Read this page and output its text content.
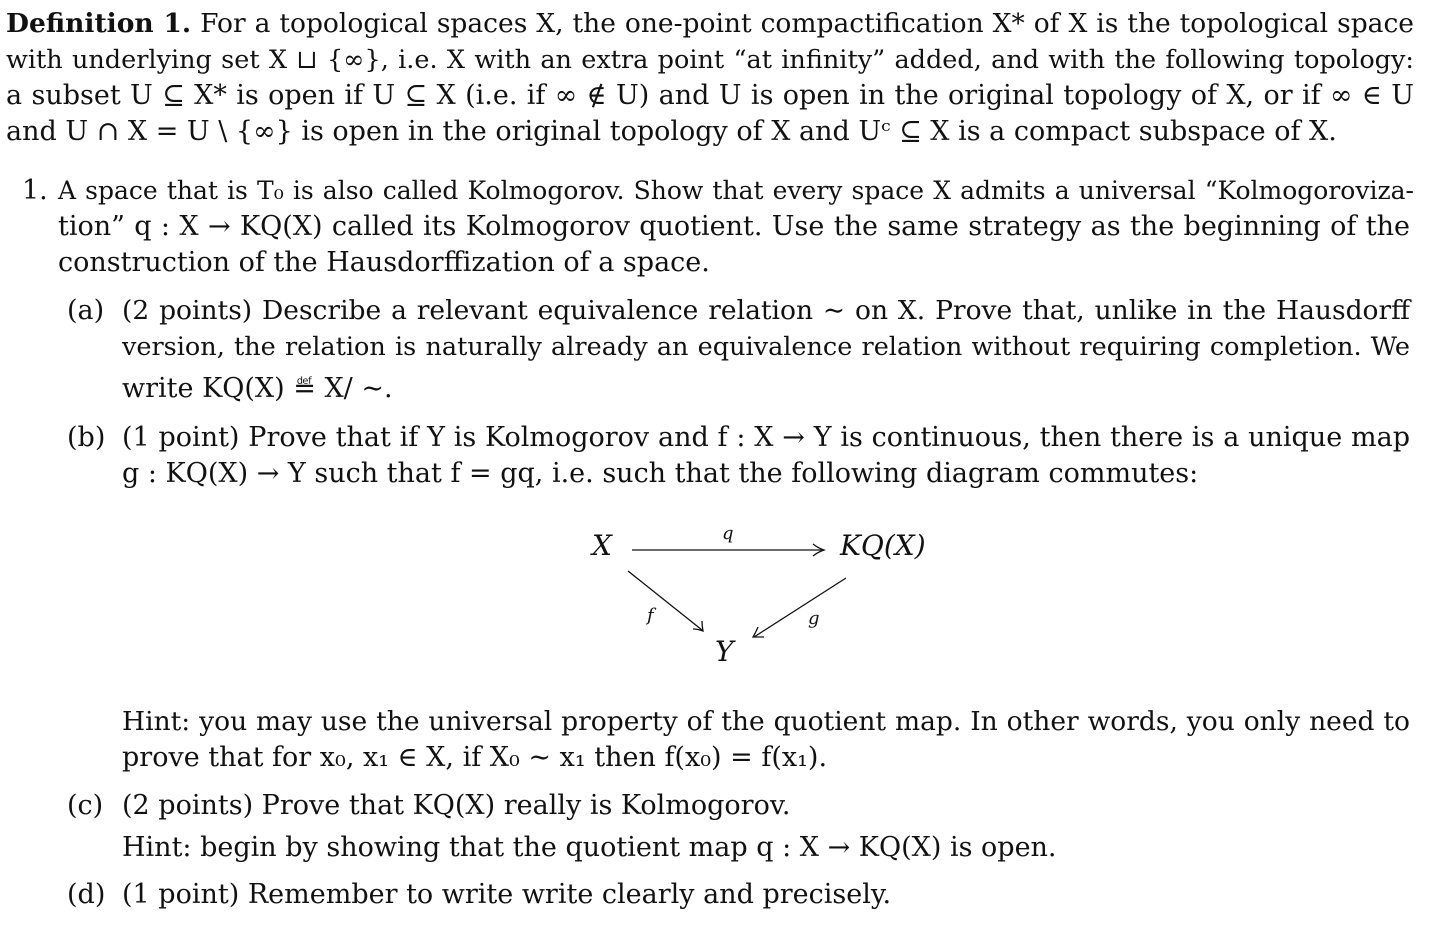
Definition 1. For a topological spaces X, the one-point compactification X* of X is the topological space
with underlying set X ⊔ {∞}, i.e. X with an extra point “at infinity” added, and with the following topology:
a subset U ⊆ X* is open if U ⊆ X (i.e. if ∞ ∉ U) and U is open in the original topology of X, or if ∞ ∈ U
and U ∩ X = U \ {∞} is open in the original topology of X and Uᶜ ⊆ X is a compact subspace of X.
1. A space that is T₀ is also called Kolmogorov. Show that every space X admits a universal “Kolmogoroviza-
tion” q : X → KQ(X) called its Kolmogorov quotient. Use the same strategy as the beginning of the
construction of the Hausdorffization of a space.
(a) (2 points) Describe a relevant equivalence relation ∼ on X. Prove that, unlike in the Hausdorff
version, the relation is naturally already an equivalence relation without requiring completion. We
write KQ(X) ≝ X/ ∼.
(b) (1 point) Prove that if Y is Kolmogorov and f : X → Y is continuous, then there is a unique map
g : KQ(X) → Y such that f = gq, i.e. such that the following diagram commutes:
X	KQ(X)
Y
q
f	g
Hint: you may use the universal property of the quotient map. In other words, you only need to
prove that for x₀, x₁ ∈ X, if X₀ ∼ x₁ then f(x₀) = f(x₁).
(c) (2 points) Prove that KQ(X) really is Kolmogorov.
Hint: begin by showing that the quotient map q : X → KQ(X) is open.
(d) (1 point) Remember to write write clearly and precisely.
